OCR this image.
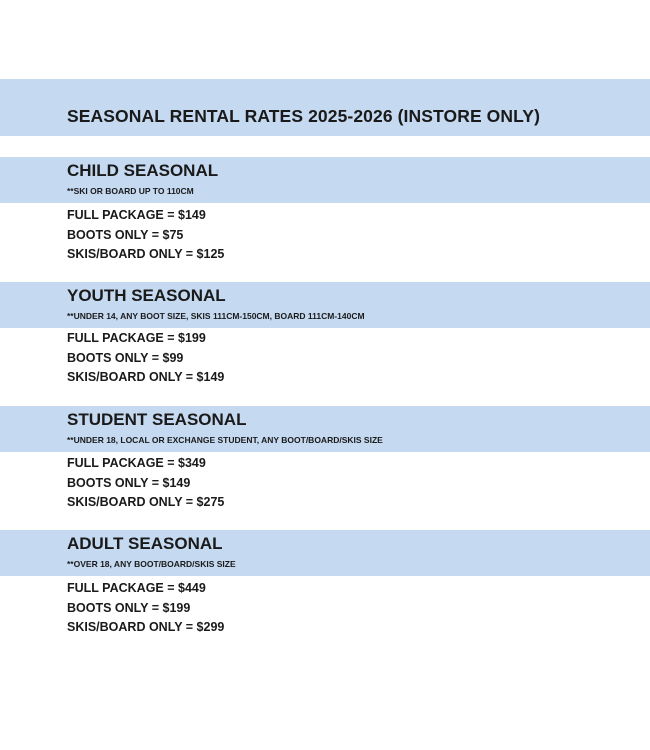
SEASONAL RENTAL RATES 2025-2026 (INSTORE ONLY)
CHILD SEASONAL

**SKI OR BOARD UP TO 110CM

FULL PACKAGE = $149
BOOTS ONLY = $75
SKIS/BOARD ONLY = $125
YOUTH SEASONAL

**UNDER 14, ANY BOOT SIZE, SKIS 111CM-150CM, BOARD 111CM-140CM

FULL PACKAGE = $199
BOOTS ONLY = $99
SKIS/BOARD ONLY = $149
STUDENT SEASONAL

**UNDER 18, LOCAL OR EXCHANGE STUDENT, ANY BOOT/BOARD/SKIS SIZE

FULL PACKAGE = $349
BOOTS ONLY = $149
SKIS/BOARD ONLY = $275
ADULT SEASONAL

**OVER 18, ANY BOOT/BOARD/SKIS SIZE

FULL PACKAGE = $449
BOOTS ONLY = $199
SKIS/BOARD ONLY = $299
